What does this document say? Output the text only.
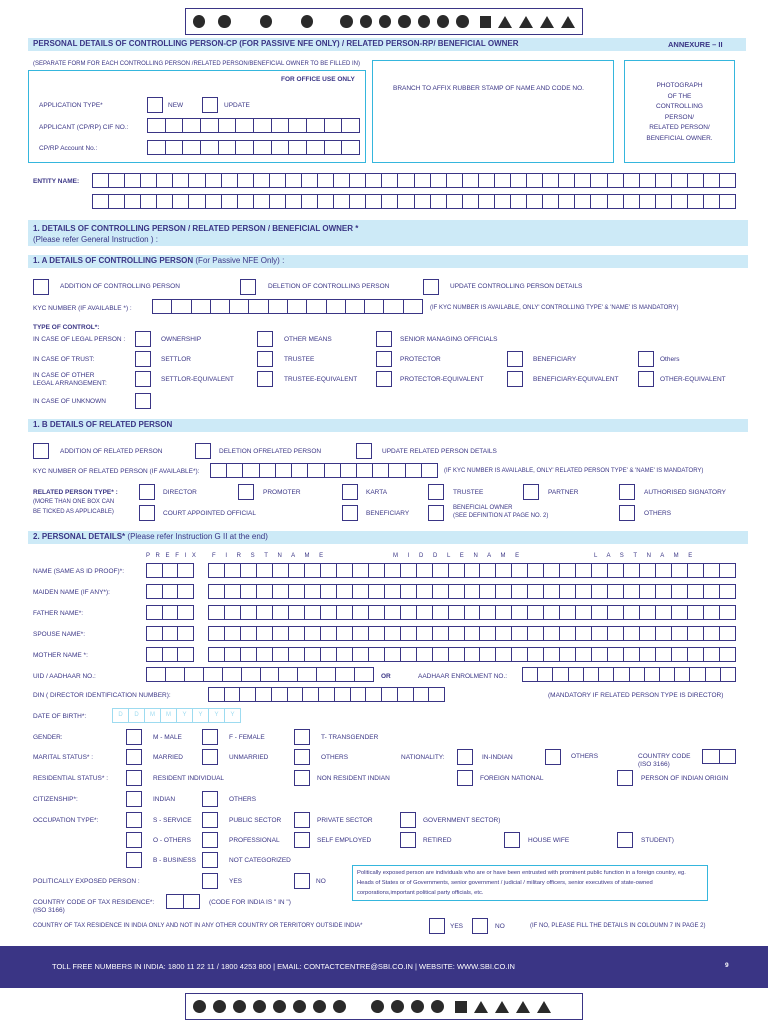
PERSONAL DETAILS OF CONTROLLING PERSON-CP (FOR PASSIVE NFE ONLY) / RELATED PERSON-RP/ BENEFICIAL OWNER	ANNEXURE – II
(SEPARATE FORM FOR EACH CONTROLLING PERSON /RELATED PERSON/BENEFICIAL OWNER TO BE FILLED IN)
FOR OFFICE USE ONLY
APPLICATION TYPE*	NEW	UPDATE
APPLICANT (CP/RP) CIF NO.:
CP/RP Account No.:
BRANCH TO AFFIX RUBBER STAMP OF NAME AND CODE NO.	PHOTOGRAPH
OF THE
CONTROLLING
PERSON/
RELATED PERSON/
BENEFICIAL OWNER.
ENTITY NAME:
1. DETAILS OF CONTROLLING PERSON / RELATED PERSON / BENEFICIAL OWNER *
(Please refer General Instruction ) :
1. A DETAILS OF CONTROLLING PERSON (For Passive NFE Only) :
ADDITION OF CONTROLLING PERSON	DELETION OF CONTROLLING PERSON	UPDATE CONTROLLING PERSON DETAILS
KYC NUMBER (IF AVAILABLE *) :	(IF KYC NUMBER IS AVAILABLE, ONLY' CONTROLLING TYPE' & 'NAME' IS MANDATORY)
TYPE OF CONTROL*:
IN CASE OF LEGAL PERSON :	OWNERSHIP	OTHER MEANS	SENIOR MANAGING OFFICIALS
IN CASE OF TRUST:	SETTLOR	TRUSTEE	PROTECTOR	BENEFICIARY	Others
IN CASE OF OTHER
LEGAL ARRANGEMENT:
SETTLOR-EQUIVALENT	TRUSTEE-EQUIVALENT	PROTECTOR-EQUIVALENT	BENEFICIARY-EQUIVALENT	OTHER-EQUIVALENT
IN CASE OF UNKNOWN
1. B DETAILS OF RELATED PERSON
ADDITION OF RELATED PERSON	DELETION OFRELATED PERSON	UPDATE RELATED PERSON DETAILS
KYC NUMBER OF RELATED PERSON (IF AVAILABLE*):	(IF KYC NUMBER IS AVAILABLE, ONLY' RELATED PERSON TYPE' & 'NAME' IS MANDATORY)
RELATED PERSON TYPE* :
(MORE THAN ONE BOX CAN
BE TICKED AS APPLICABLE)
DIRECTOR	PROMOTER	KARTA	TRUSTEE	PARTNER	AUTHORISED SIGNATORY
COURT APPOINTED OFFICIAL	BENEFICIARY
BENEFICIAL OWNER
(SEE DEFINITION AT PAGE NO. 2)	OTHERS
2. PERSONAL DETAILS* (Please refer Instruction G II at the end)
P R E F I X F I R S T N A M E	M I D D L E N A M E	L A S T N A M E
NAME (SAME AS ID PROOF)*:
MAIDEN NAME (IF ANY*):
FATHER NAME*:
SPOUSE NAME*:
MOTHER NAME *:
UID / AADHAAR NO.:	OR	AADHAAR ENROLMENT NO.:
DIN ( DIRECTOR IDENTIFICATION NUMBER):	(MANDATORY IF RELATED PERSON TYPE IS DIRECTOR)
DATE OF BIRTH*:	D	D	M	M	Y	Y	Y	Y
GENDER:	M - MALE	F - FEMALE	T- TRANSGENDER
MARITAL STATUS* :	MARRIED	UNMARRIED	OTHERS	NATIONALITY:	IN-INDIAN	OTHERS	COUNTRY CODE
(ISO 3166)
RESIDENTIAL STATUS* :	RESIDENT INDIVIDUAL	NON RESIDENT INDIAN	FOREIGN NATIONAL	PERSON OF INDIAN ORIGIN
CITIZENSHIP*:	INDIAN	OTHERS
OCCUPATION TYPE*:	S - SERVICE	PUBLIC SECTOR	PRIVATE SECTOR	GOVERNMENT SECTOR)
O - OTHERS	PROFESSIONAL	SELF EMPLOYED	RETIRED	HOUSE WIFE	STUDENT)
B - BUSINESS	NOT CATEGORIZED
POLITICALLY EXPOSED PERSON :	YES	NO
Politically exposed person are individuals who are or have been entrusted with prominent public function in a foreign country, eg. Heads of States or of Governments, senior government / judicial / military officers, senior executives of state-owned corporations,important political party officials, etc.
COUNTRY CODE OF TAX RESIDENCE*:
(ISO 3166)
(CODE FOR INDIA IS " IN ")
COUNTRY OF TAX RESIDENCE IN INDIA ONLY AND NOT IN ANY OTHER COUNTRY OR TERRITORY OUTSIDE INDIA*	YES	NO	(IF NO, PLEASE FILL THE DETAILS IN COLOUMN 7 IN PAGE 2)
TOLL FREE NUMBERS IN INDIA: 1800 11 22 11 / 1800 4253 800 | EMAIL: CONTACTCENTRE@SBI.CO.IN | WEBSITE: WWW.SBI.CO.IN	9
